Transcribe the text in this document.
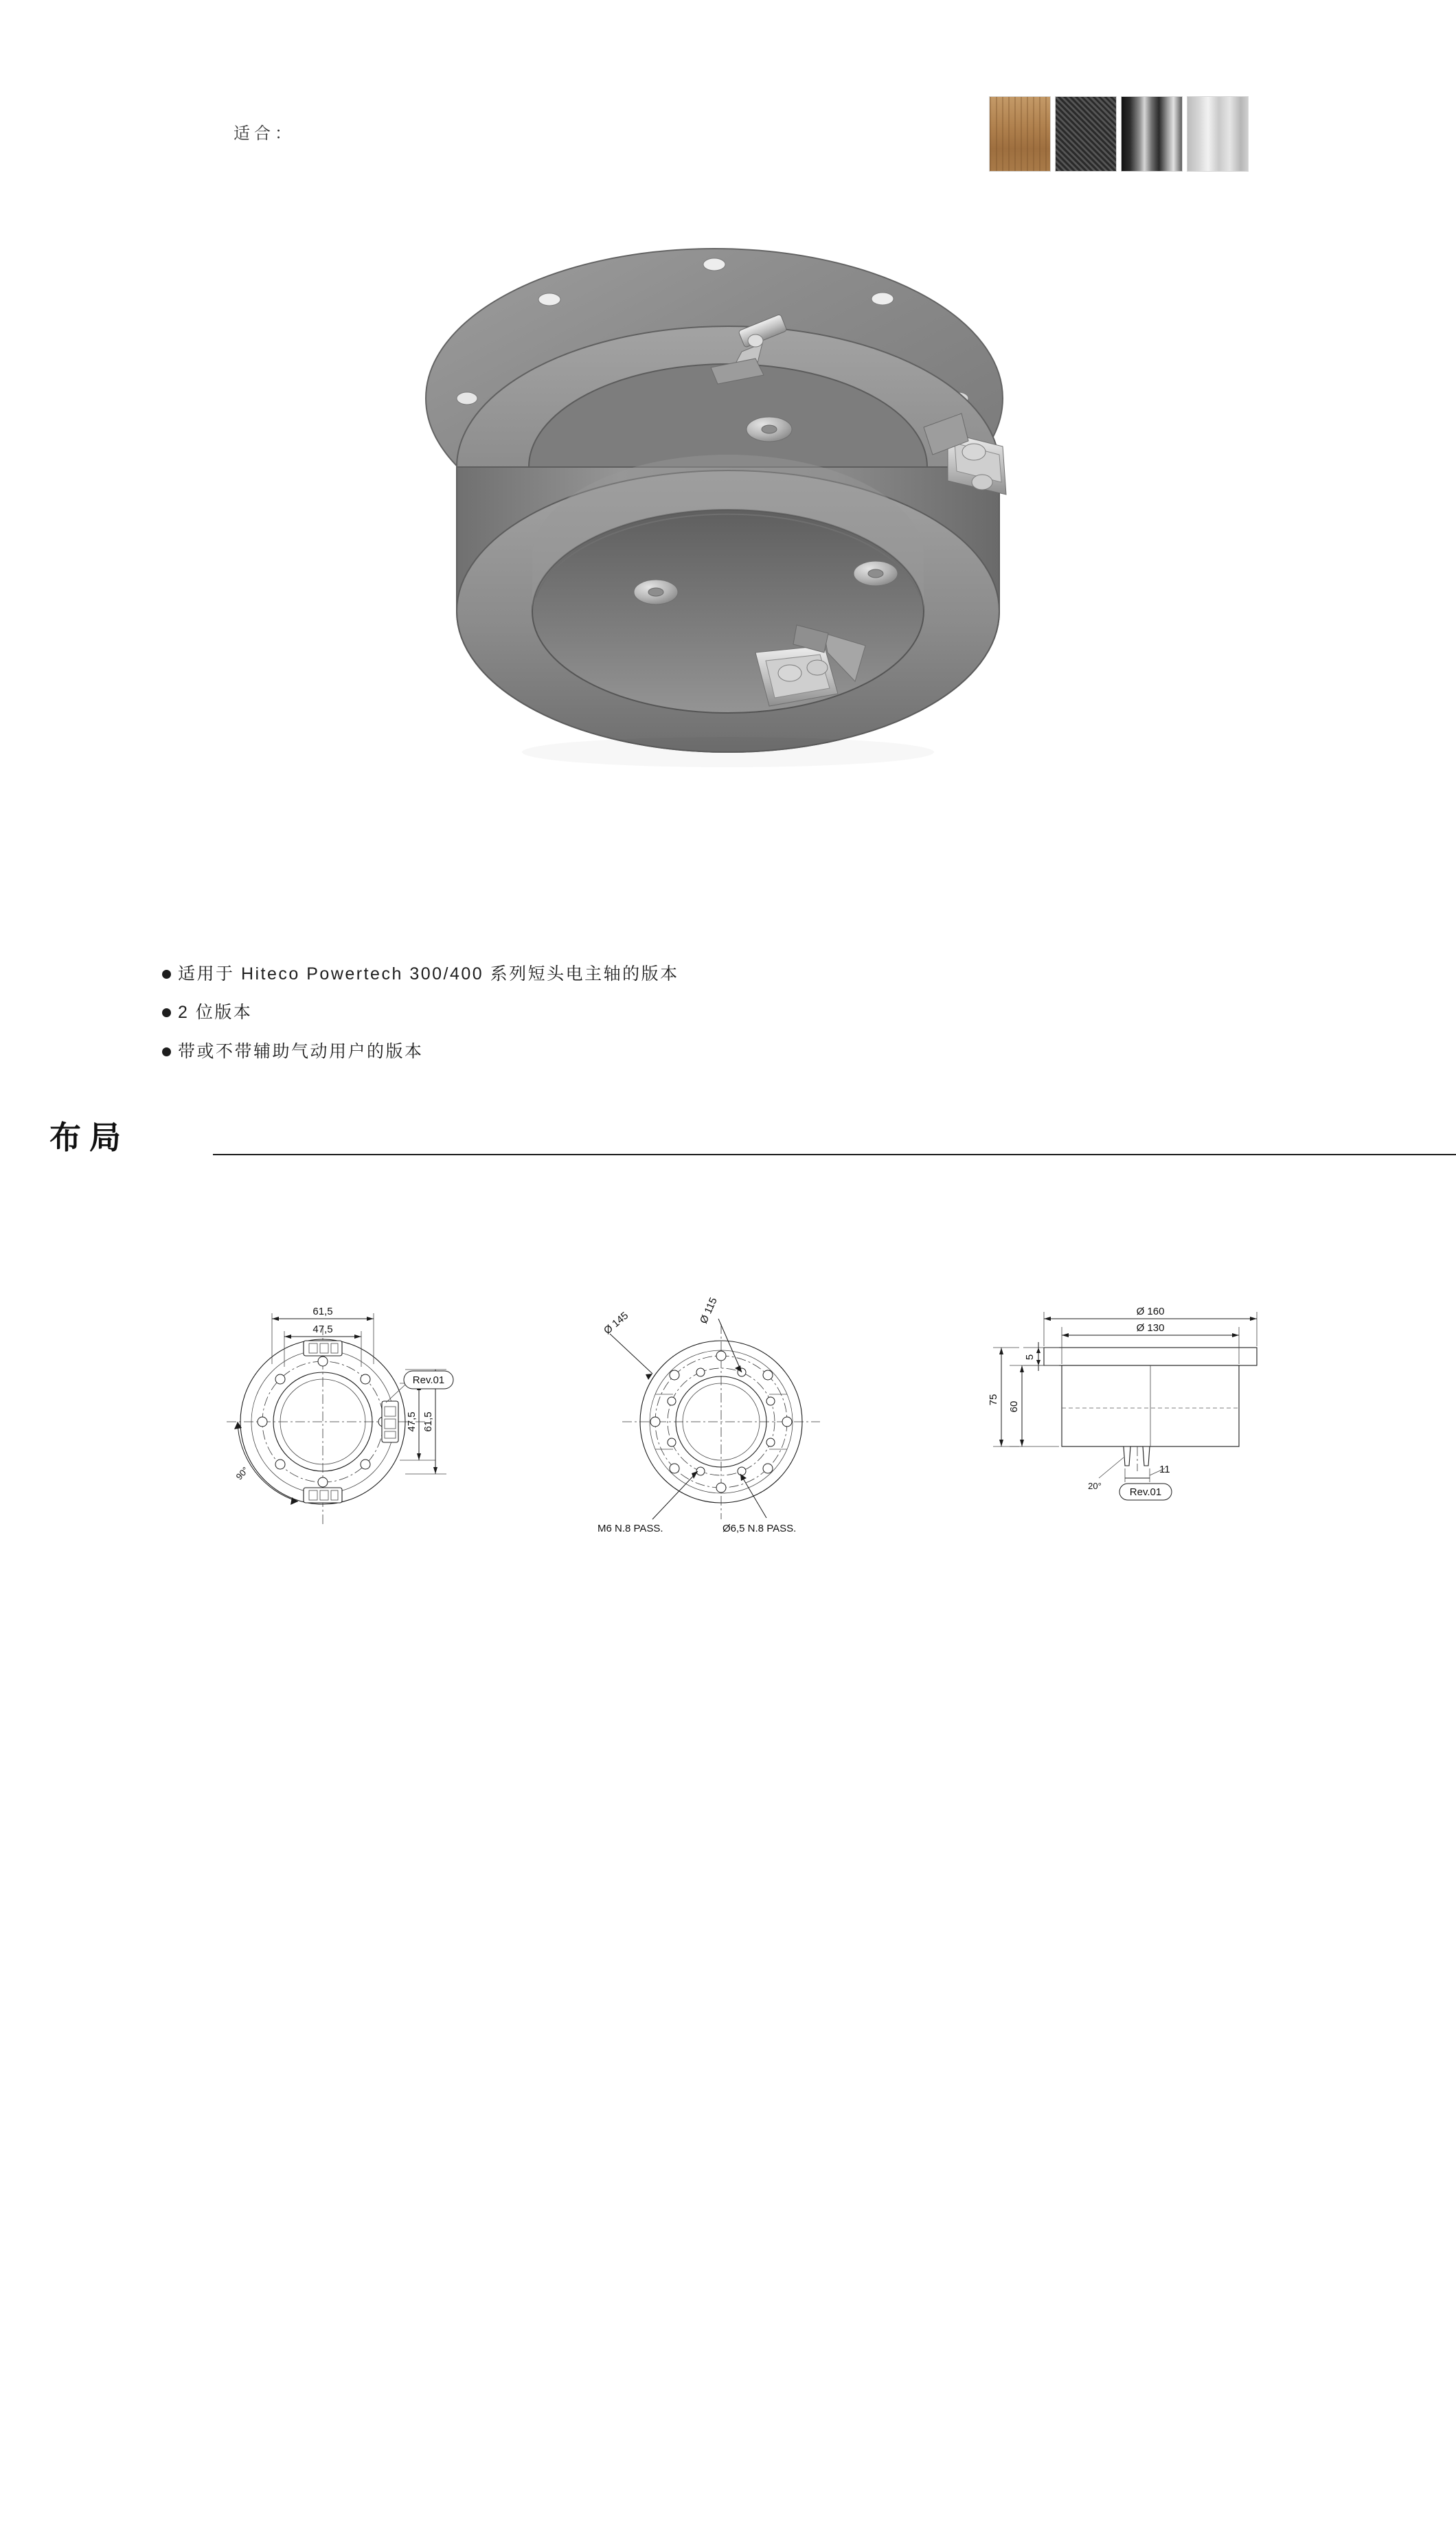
适合：
适用于 Hiteco Powertech 300/400 系列短头电主轴的版本
2 位版本
带或不带辅助气动用户的版本
布局
61,5
47,5
47,5 61,5
90°
Rev.01
Ø 145	Ø 115
M6 N.8 PASS.	Ø6,5 N.8 PASS.
Ø 160
Ø 130
5
60
75
11
20°
Rev.01
